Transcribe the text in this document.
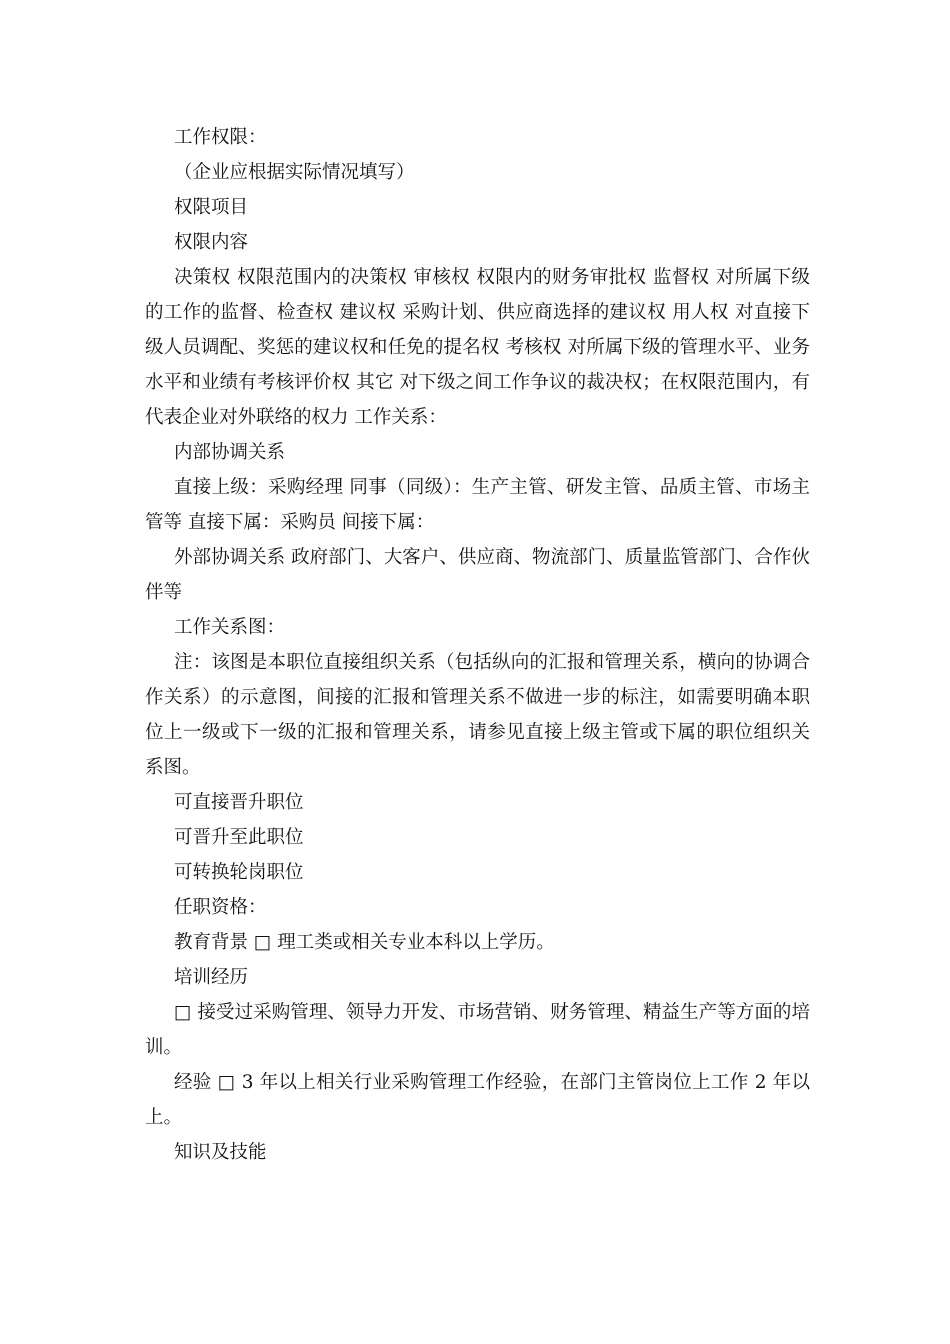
工作权限：

（企业应根据实际情况填写）

权限项目

权限内容

决策权 权限范围内的决策权 审核权 权限内的财务审批权 监督权 对所属下级的工作的监督、检查权 建议权 采购计划、供应商选择的建议权 用人权 对直接下级人员调配、奖惩的建议权和任免的提名权 考核权 对所属下级的管理水平、业务水平和业绩有考核评价权 其它 对下级之间工作争议的裁决权；在权限范围内，有代表企业对外联络的权力 工作关系：

内部协调关系

直接上级：采购经理 同事（同级）：生产主管、研发主管、品质主管、市场主管等 直接下属：采购员 间接下属：

外部协调关系 政府部门、大客户、供应商、物流部门、质量监管部门、合作伙伴等

工作关系图：

注：该图是本职位直接组织关系（包括纵向的汇报和管理关系，横向的协调合作关系）的示意图，间接的汇报和管理关系不做进一步的标注，如需要明确本职位上一级或下一级的汇报和管理关系，请参见直接上级主管或下属的职位组织关系图。

可直接晋升职位

可晋升至此职位

可转换轮岗职位

任职资格：

教育背景 □ 理工类或相关专业本科以上学历。

培训经历

□ 接受过采购管理、领导力开发、市场营销、财务管理、精益生产等方面的培训。

经验 □ 3 年以上相关行业采购管理工作经验，在部门主管岗位上工作 2 年以上。

知识及技能
